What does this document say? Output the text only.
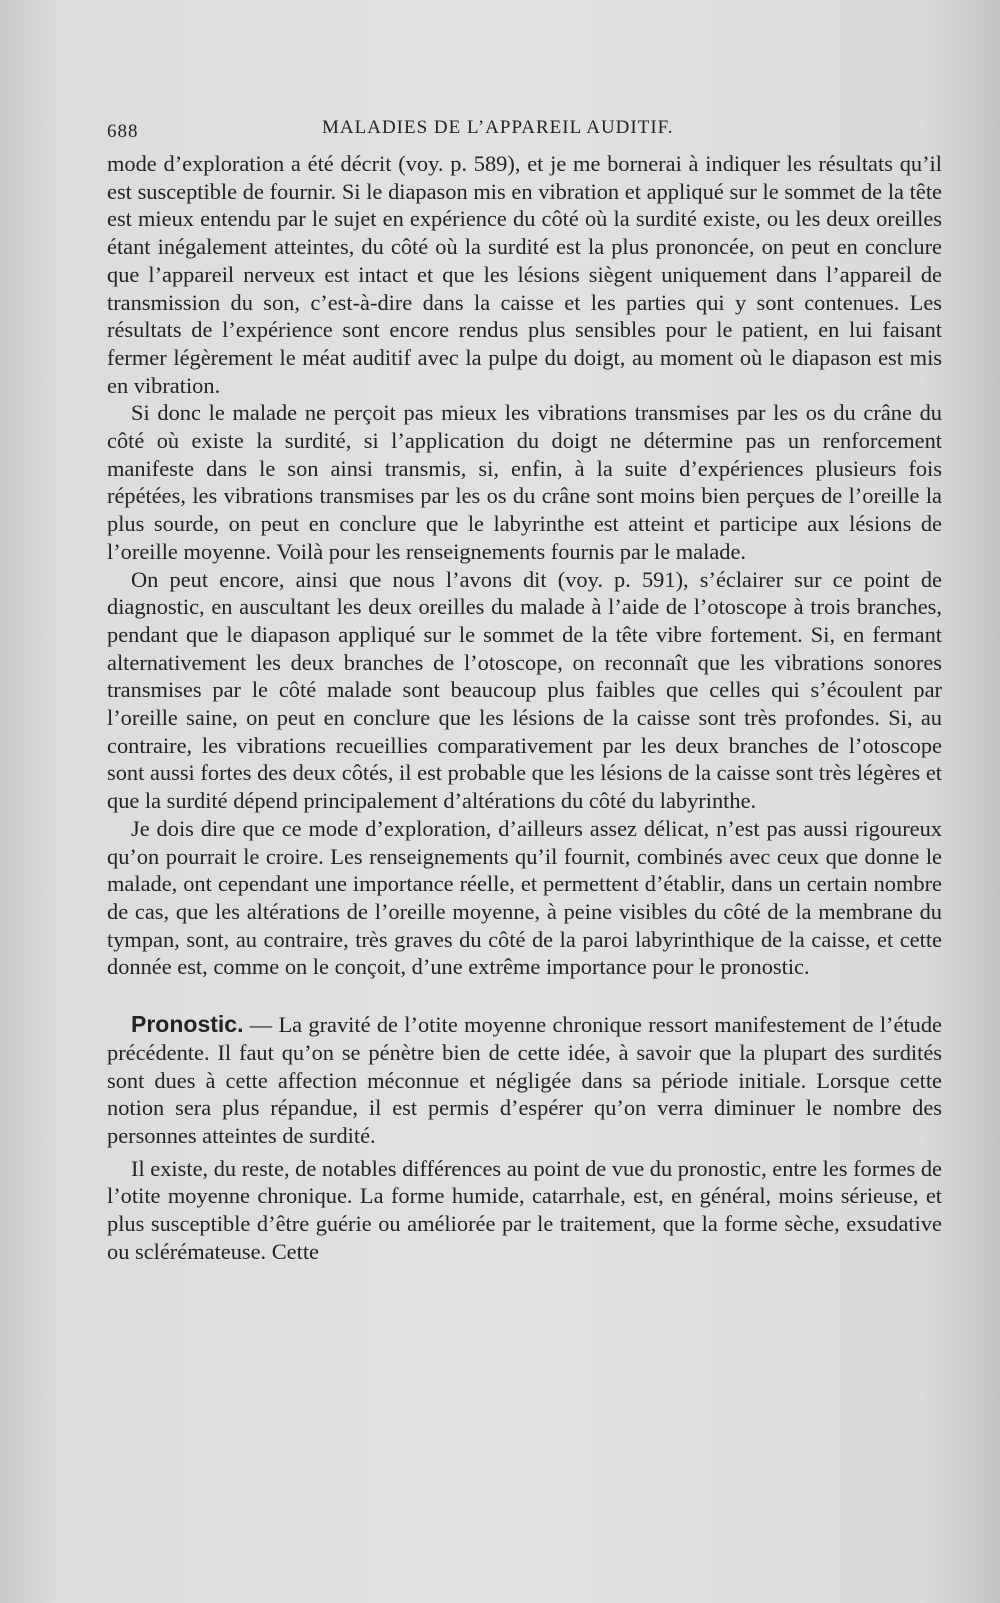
688	MALADIES DE L’APPAREIL AUDITIF.

mode d’exploration a été décrit (voy. p. 589), et je me bornerai à indiquer les résultats qu’il est susceptible de fournir. Si le diapason mis en vibration et appliqué sur le sommet de la tête est mieux entendu par le sujet en expérience du côté où la surdité existe, ou les deux oreilles étant inégalement atteintes, du côté où la surdité est la plus prononcée, on peut en conclure que l’appareil nerveux est intact et que les lésions siègent uniquement dans l’appareil de transmission du son, c’est-à-dire dans la caisse et les parties qui y sont contenues. Les résultats de l’expérience sont encore rendus plus sensibles pour le patient, en lui faisant fermer légèrement le méat auditif avec la pulpe du doigt, au moment où le diapason est mis en vibration.

Si donc le malade ne perçoit pas mieux les vibrations transmises par les os du crâne du côté où existe la surdité, si l’application du doigt ne détermine pas un renforcement manifeste dans le son ainsi transmis, si, enfin, à la suite d’expériences plusieurs fois répétées, les vibrations transmises par les os du crâne sont moins bien perçues de l’oreille la plus sourde, on peut en conclure que le labyrinthe est atteint et participe aux lésions de l’oreille moyenne. Voilà pour les renseignements fournis par le malade.

On peut encore, ainsi que nous l’avons dit (voy. p. 591), s’éclairer sur ce point de diagnostic, en auscultant les deux oreilles du malade à l’aide de l’otoscope à trois branches, pendant que le diapason appliqué sur le sommet de la tête vibre fortement. Si, en fermant alternativement les deux branches de l’otoscope, on reconnaît que les vibrations sonores transmises par le côté malade sont beaucoup plus faibles que celles qui s’écoulent par l’oreille saine, on peut en conclure que les lésions de la caisse sont très profondes. Si, au contraire, les vibrations recueillies comparativement par les deux branches de l’otoscope sont aussi fortes des deux côtés, il est probable que les lésions de la caisse sont très légères et que la surdité dépend principalement d’altérations du côté du labyrinthe.

Je dois dire que ce mode d’exploration, d’ailleurs assez délicat, n’est pas aussi rigoureux qu’on pourrait le croire. Les renseignements qu’il fournit, combinés avec ceux que donne le malade, ont cependant une importance réelle, et permettent d’établir, dans un certain nombre de cas, que les altérations de l’oreille moyenne, à peine visibles du côté de la membrane du tympan, sont, au contraire, très graves du côté de la paroi labyrinthique de la caisse, et cette donnée est, comme on le conçoit, d’une extrême importance pour le pronostic.

Pronostic. — La gravité de l’otite moyenne chronique ressort manifestement de l’étude précédente. Il faut qu’on se pénètre bien de cette idée, à savoir que la plupart des surdités sont dues à cette affection méconnue et négligée dans sa période initiale. Lorsque cette notion sera plus répandue, il est permis d’espérer qu’on verra diminuer le nombre des personnes atteintes de surdité.

Il existe, du reste, de notables différences au point de vue du pronostic, entre les formes de l’otite moyenne chronique. La forme humide, catarrhale, est, en général, moins sérieuse, et plus susceptible d’être guérie ou améliorée par le traitement, que la forme sèche, exsudative ou sclérémateuse. Cette
